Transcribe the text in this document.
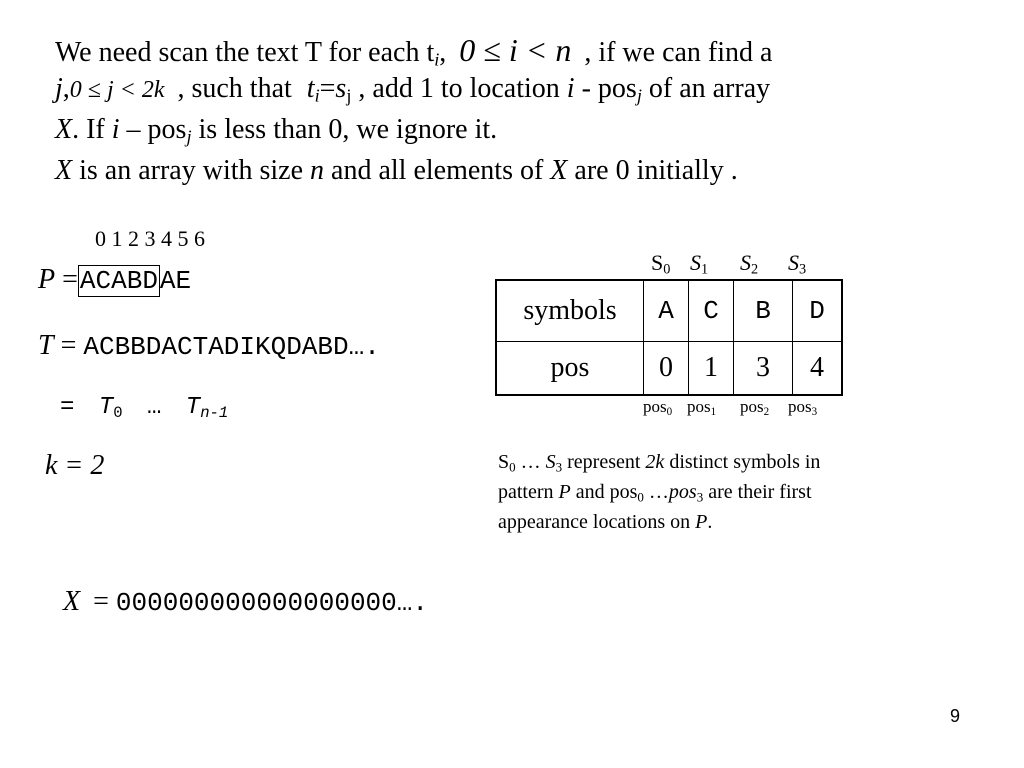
We need scan the text T for each $t_i$, 0 ≤ i < n , if we can find a
j,0 ≤ j < 2k , such that $t_i=s_j$ , add 1 to location i - pos$_j$ of an array
X. If i – pos$_j$ is less than 0, we ignore it.
X is an array with size n and all elements of X are 0 initially .
0 1 2 3 4 5 6
P =ACABDAE
T = ACBBDACTADIKQDABD….
= $T_0$ … $T_{n-1}$
k = 2
$S_0$ $S_1$ $S_2$ $S_3$
symbols	A	C	B	D
pos	0	1	3	4
pos$_0$ pos$_1$ pos$_2$ pos$_3$
$S_0$ … $S_3$ represent 2k distinct symbols in
pattern P and pos$_0$ …pos$_3$ are their first
appearance locations on P.
X = 000000000000000000….
9
